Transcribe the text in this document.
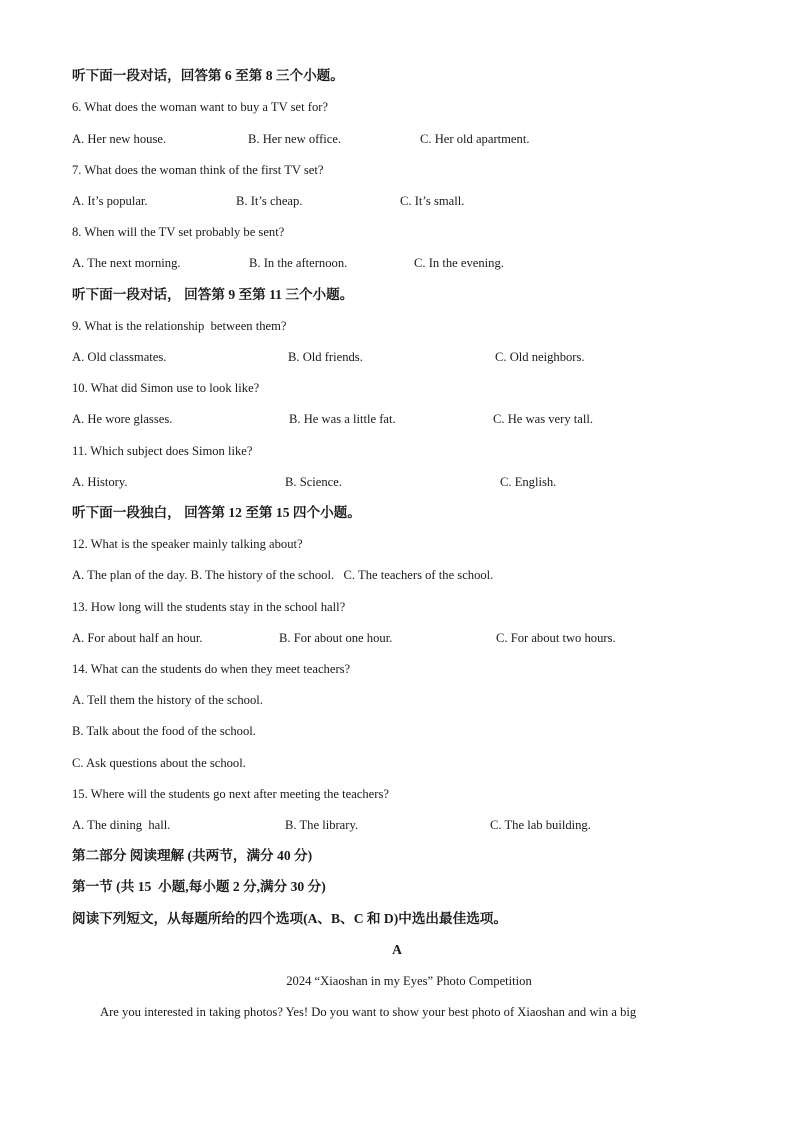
听下面一段对话，回答第 6 至第 8 三个小题。
6. What does the woman want to buy a TV set for?
A. Her new house.	B. Her new office.	C. Her old apartment.
7. What does the woman think of the first TV set?
A. It’s popular.	B. It’s cheap.	C. It’s small.
8. When will the TV set probably be sent?
A. The next morning.	B. In the afternoon.	C. In the evening.
听下面一段对话， 回答第 9 至第 11 三个小题。
9. What is the relationship  between them?
A. Old classmates.	B. Old friends.	C. Old neighbors.
10. What did Simon use to look like?
A. He wore glasses.	B. He was a little fat.	C. He was very tall.
11. Which subject does Simon like?
A. History.	B. Science.	C. English.
听下面一段独白， 回答第 12 至第 15 四个小题。
12. What is the speaker mainly talking about?
A. The plan of the day. B. The history of the school.   C. The teachers of the school.
13. How long will the students stay in the school hall?
A. For about half an hour.	B. For about one hour.	C. For about two hours.
14. What can the students do when they meet teachers?
A. Tell them the history of the school.
B. Talk about the food of the school.
C. Ask questions about the school.
15. Where will the students go next after meeting the teachers?
A. The dining  hall.	B. The library.	C. The lab building.
第二部分 阅读理解 (共两节，满分 40 分)
第一节 (共 15  小题,每小题 2 分,满分 30 分)
阅读下列短文，从每题所给的四个选项(A、B、C 和 D)中选出最佳选项。
A
2024 “Xiaoshan in my Eyes” Photo Competition
Are you interested in taking photos? Yes! Do you want to show your best photo of Xiaoshan and win a big
